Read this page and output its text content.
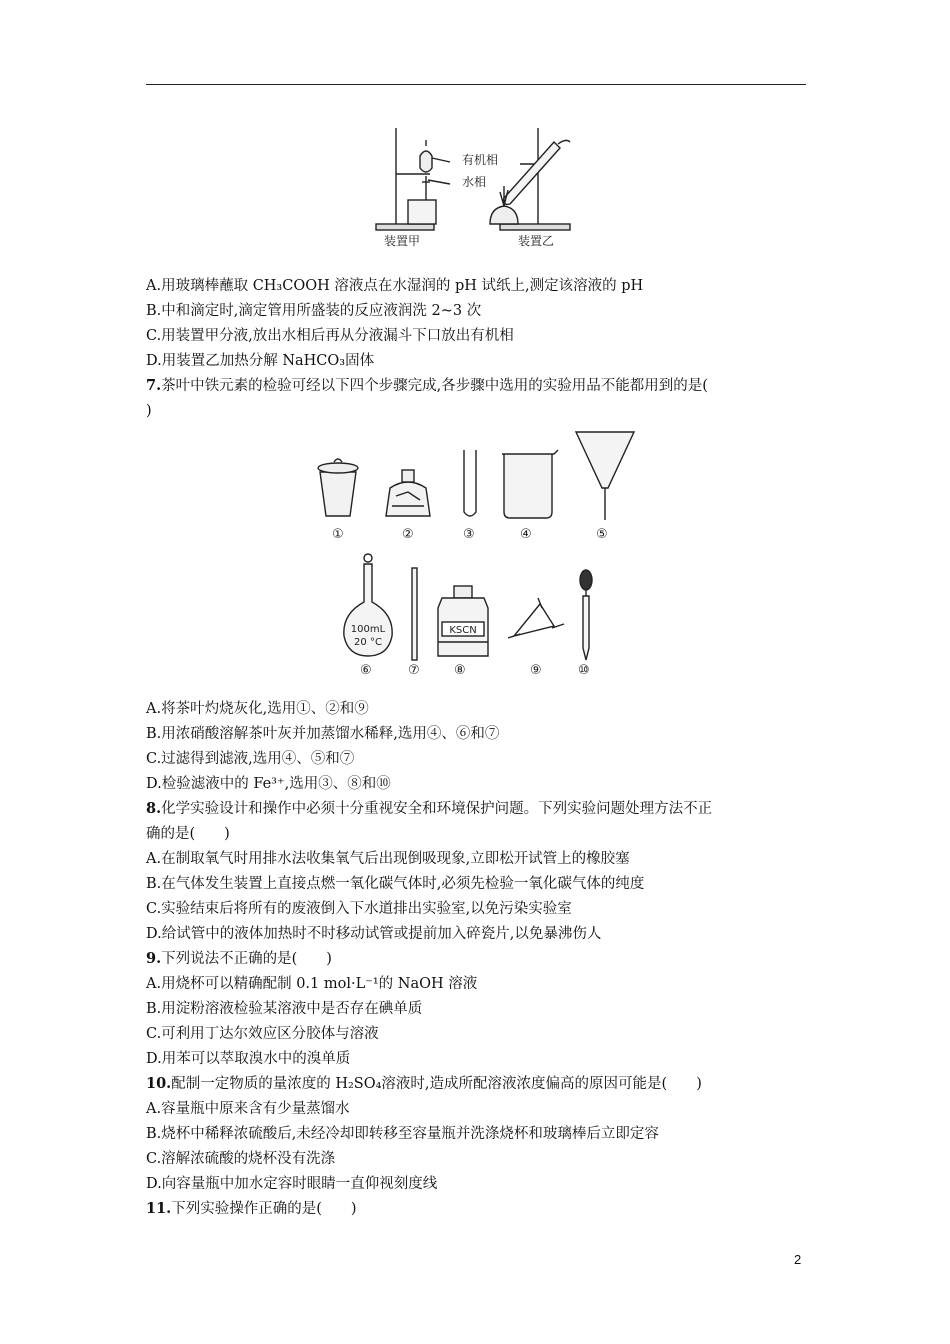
有机相
水相
装置甲	装置乙
A.用玻璃棒蘸取 CH₃COOH 溶液点在水湿润的 pH 试纸上,测定该溶液的 pH
B.中和滴定时,滴定管用所盛装的反应液润洗 2~3 次
C.用装置甲分液,放出水相后再从分液漏斗下口放出有机相
D.用装置乙加热分解 NaHCO₃固体
7.茶叶中铁元素的检验可经以下四个步骤完成,各步骤中选用的实验用品不能都用到的是(
)
①	②	③	④	⑤
100mL
20 °C
KSCN
⑥	⑦	⑧	⑨	⑩
A.将茶叶灼烧灰化,选用①、②和⑨
B.用浓硝酸溶解茶叶灰并加蒸馏水稀释,选用④、⑥和⑦
C.过滤得到滤液,选用④、⑤和⑦
D.检验滤液中的 Fe³⁺,选用③、⑧和⑩
8.化学实验设计和操作中必须十分重视安全和环境保护问题。下列实验问题处理方法不正
确的是(　　)
A.在制取氧气时用排水法收集氧气后出现倒吸现象,立即松开试管上的橡胶塞
B.在气体发生装置上直接点燃一氧化碳气体时,必须先检验一氧化碳气体的纯度
C.实验结束后将所有的废液倒入下水道排出实验室,以免污染实验室
D.给试管中的液体加热时不时移动试管或提前加入碎瓷片,以免暴沸伤人
9.下列说法不正确的是(　　)
A.用烧杯可以精确配制 0.1 mol·L⁻¹的 NaOH 溶液
B.用淀粉溶液检验某溶液中是否存在碘单质
C.可利用丁达尔效应区分胶体与溶液
D.用苯可以萃取溴水中的溴单质
10.配制一定物质的量浓度的 H₂SO₄溶液时,造成所配溶液浓度偏高的原因可能是(　　)
A.容量瓶中原来含有少量蒸馏水
B.烧杯中稀释浓硫酸后,未经冷却即转移至容量瓶并洗涤烧杯和玻璃棒后立即定容
C.溶解浓硫酸的烧杯没有洗涤
D.向容量瓶中加水定容时眼睛一直仰视刻度线
11.下列实验操作正确的是(　　)
2
